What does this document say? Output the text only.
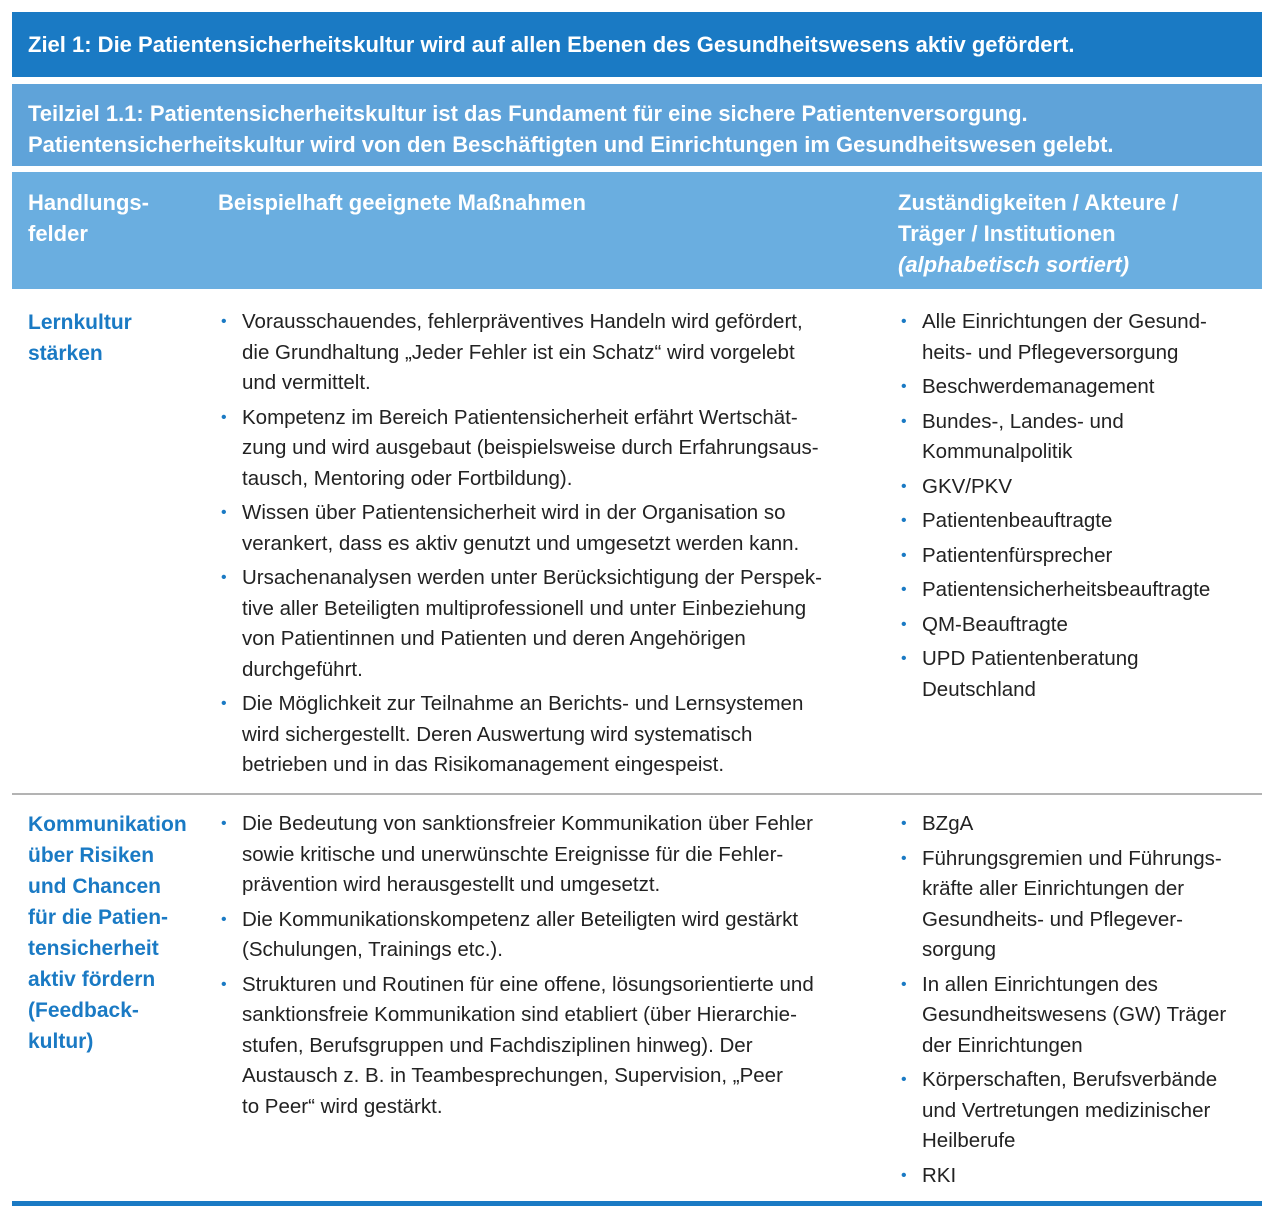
Ziel 1: Die Patientensicherheitskultur wird auf allen Ebenen des Gesundheitswesens aktiv gefördert.
Teilziel 1.1: Patientensicherheitskultur ist das Fundament für eine sichere Patientenversorgung.
Patientensicherheitskultur wird von den Beschäftigten und Einrichtungen im Gesundheitswesen gelebt.
Handlungs-
felder
Beispielhaft geeignete Maßnahmen	Zuständigkeiten / Akteure /
Träger / Institutionen
(alphabetisch sortiert)
Lernkultur
stärken
• Vorausschauendes, fehlerpräventives Handeln wird gefördert,
die Grundhaltung „Jeder Fehler ist ein Schatz“ wird vorgelebt
und vermittelt.
• Kompetenz im Bereich Patientensicherheit erfährt Wertschät-
zung und wird ausgebaut (beispielsweise durch Erfahrungsaus-
tausch, Mentoring oder Fortbildung).
• Wissen über Patientensicherheit wird in der Organisation so
verankert, dass es aktiv genutzt und umgesetzt werden kann.
• Ursachenanalysen werden unter Berücksichtigung der Perspek-
tive aller Beteiligten multiprofessionell und unter Einbeziehung
von Patientinnen und Patienten und deren Angehörigen
durchgeführt.
• Die Möglichkeit zur Teilnahme an Berichts- und Lernsystemen
wird sichergestellt. Deren Auswertung wird systematisch
betrieben und in das Risikomanagement eingespeist.
• Alle Einrichtungen der Gesund-
heits- und Pflegeversorgung
• Beschwerdemanagement
• Bundes-, Landes- und
Kommunalpolitik
• GKV/PKV
• Patientenbeauftragte
• Patientenfürsprecher
• Patientensicherheitsbeauftragte
• QM-Beauftragte
• UPD Patientenberatung
Deutschland
Kommunikation
über Risiken
und Chancen
für die Patien-
tensicherheit
aktiv fördern
(Feedback-
kultur)
• Die Bedeutung von sanktionsfreier Kommunikation über Fehler
sowie kritische und unerwünschte Ereignisse für die Fehler-
prävention wird herausgestellt und umgesetzt.
• Die Kommunikationskompetenz aller Beteiligten wird gestärkt
(Schulungen, Trainings etc.).
• Strukturen und Routinen für eine offene, lösungsorientierte und
sanktionsfreie Kommunikation sind etabliert (über Hierarchie-
stufen, Berufsgruppen und Fachdisziplinen hinweg). Der
Austausch z. B. in Teambesprechungen, Supervision, „Peer
to Peer“ wird gestärkt.
• BZgA
• Führungsgremien und Führungs-
kräfte aller Einrichtungen der
Gesundheits- und Pflegever-
sorgung
• In allen Einrichtungen des
Gesundheitswesens (GW) Träger
der Einrichtungen
• Körperschaften, Berufsverbände
und Vertretungen medizinischer
Heilberufe
• RKI
